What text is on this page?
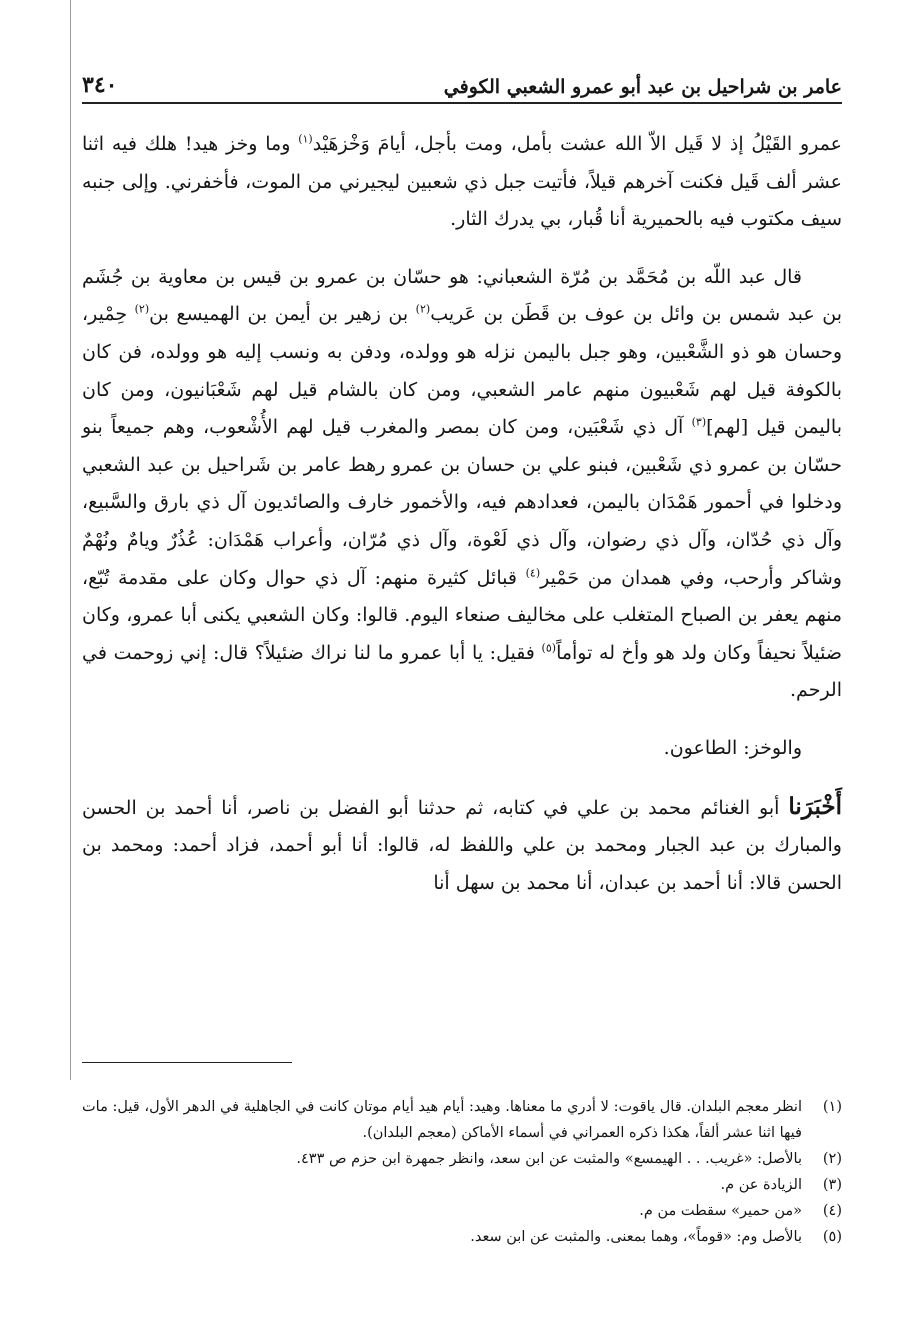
عامر بن شراحيل بن عبد أبو عمرو الشعبي الكوفي
٣٤٠

عمرو القَيْلُ إذ لا قَيل الاّ الله عشت بأمل، ومت بأجل، أيامَ وَخْزهَيْد$^{(١)}$ وما وخز هيد! هلك فيه اثنا عشر ألف قَيل فكنت آخرهم قيلاً، فأتيت جبل ذي شعبين ليجيرني من الموت، فأخفرني. وإلى جنبه سيف مكتوب فيه بالحميرية أنا قُبار، بي يدرك الثار.

قال عبد اللّه بن مُحَمَّد بن مُرّة الشعباني: هو حسّان بن عمرو بن قيس بن معاوية بن جُشَم بن عبد شمس بن وائل بن عوف بن قَطَن بن عَريب$^{(٢)}$ بن زهير بن أيمن بن الهميسع بن$^{(٢)}$ حِمْير، وحسان هو ذو الشَّعْبين، وهو جبل باليمن نزله هو وولده، ودفن به ونسب إليه هو وولده، فن كان بالكوفة قيل لهم شَعْبيون منهم عامر الشعبي، ومن كان بالشام قيل لهم شَعْبَانيون، ومن كان باليمن قيل [لهم]$^{(٣)}$ آل ذي شَعْبَين، ومن كان بمصر والمغرب قيل لهم الأُشْعوب، وهم جميعاً بنو حسّان بن عمرو ذي شَعْبين، فبنو علي بن حسان بن عمرو رهط عامر بن شَراحيل بن عبد الشعبي ودخلوا في أحمور هَمْدَان باليمن، فعدادهم فيه، والأخمور خارف والصائديون آل ذي بارق والسَّبيع، وآل ذي حُدّان، وآل ذي رضوان، وآل ذي لَعْوة، وآل ذي مُرّان، وأعراب هَمْدَان: عُذُرٌ ويامٌ ونُهْمٌ وشاكر وأرحب، وفي همدان من حَمْير$^{(٤)}$ قبائل كثيرة منهم: آل ذي حوال وكان على مقدمة تُبّع، منهم يعفر بن الصباح المتغلب على مخاليف صنعاء اليوم. قالوا: وكان الشعبي يكنى أبا عمرو، وكان ضئيلاً نحيفاً وكان ولد هو وأخ له توأماً$^{(٥)}$ فقيل: يا أبا عمرو ما لنا نراك ضئيلاً؟ قال: إني زوحمت في الرحم.

والوخز: الطاعون.

أَخْبَرَنا أبو الغنائم محمد بن علي في كتابه، ثم حدثنا أبو الفضل بن ناصر، أنا أحمد بن الحسن والمبارك بن عبد الجبار ومحمد بن علي واللفظ له، قالوا: أنا أبو أحمد، فزاد أحمد: ومحمد بن الحسن قالا: أنا أحمد بن عبدان، أنا محمد بن سهل أنا

(١)
انظر معجم البلدان. قال ياقوت: لا أدري ما معناها. وهيد: أيام هيد أيام موتان كانت في الجاهلية في الدهر الأول، قيل: مات فيها اثنا عشر ألفاً، هكذا ذكره العمراني في أسماء الأماكن (معجم البلدان).
(٢)
بالأصل: «غريب. . . الهيمسع» والمثبت عن ابن سعد، وانظر جمهرة ابن حزم ص ٤٣٣.
(٣)
الزيادة عن م.
(٤)
«من حمير» سقطت من م.
(٥)
بالأصل وم: «قوماً»، وهما بمعنى. والمثبت عن ابن سعد.
